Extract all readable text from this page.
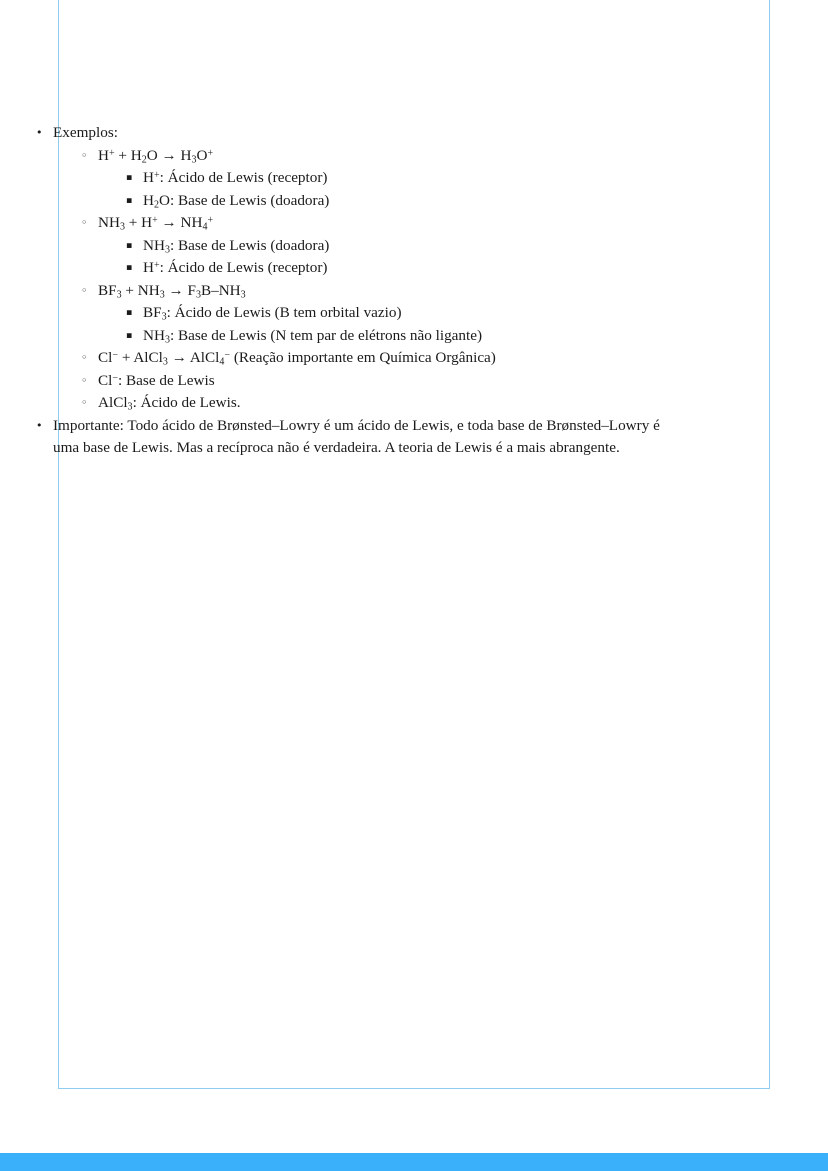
• Exemplos:
◦ $H^+ + H_2O \to H_3O^+$
▪ H+: Ácido de Lewis (receptor)
▪ $H_2O$: Base de Lewis (doadora)
◦ $NH_3 + H^+ \to NH_4^+$
▪ $NH_3$: Base de Lewis (doadora)
▪ H+: Ácido de Lewis (receptor)
◦ $BF_3 + NH_3 \to F_3B-NH_3$
▪ $BF_3$: Ácido de Lewis (B tem orbital vazio)
▪ $NH_3$: Base de Lewis (N tem par de elétrons não ligante)
◦ Cl− + AlCl$_3$ → AlCl$_4$− (Reação importante em Química Orgânica)
◦ Cl−: Base de Lewis
◦ AlCl$_3$: Ácido de Lewis.
• Importante: Todo ácido de Brønsted–Lowry é um ácido de Lewis, e toda base de Brønsted–Lowry é uma base de Lewis. Mas a recíproca não é verdadeira. A teoria de Lewis é a mais abrangente.
